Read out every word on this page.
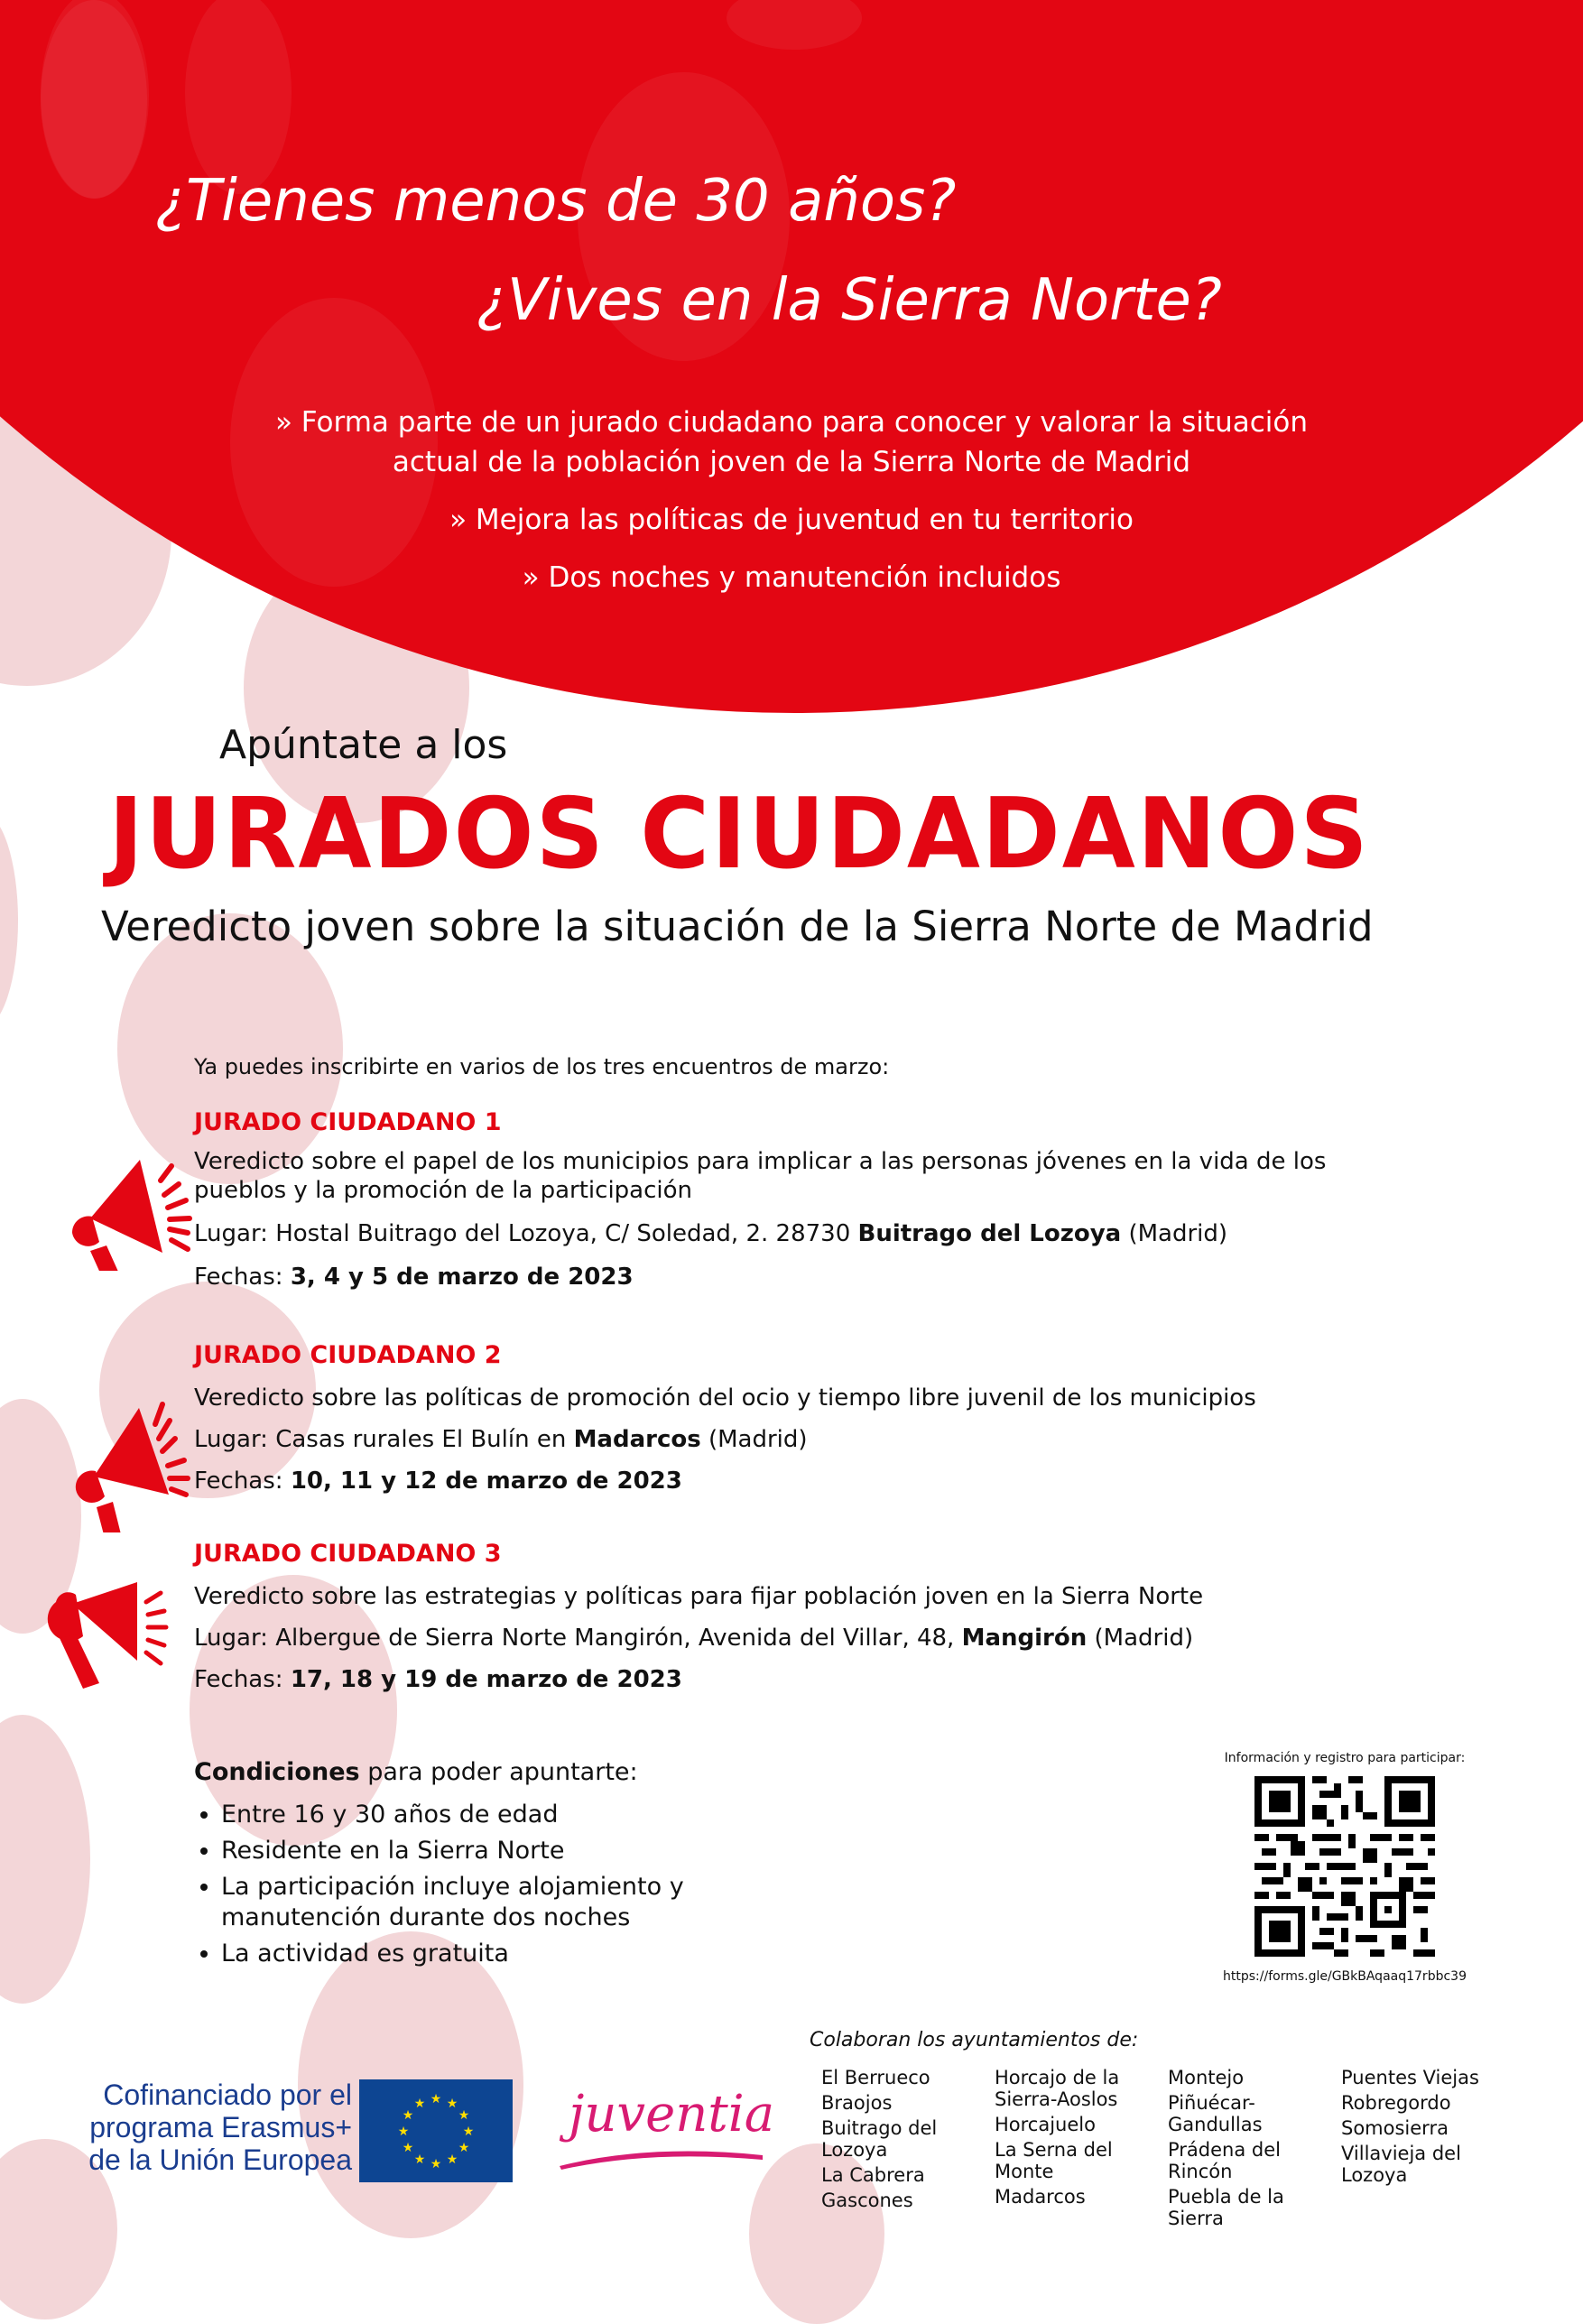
¿Tienes menos de 30 años?
¿Vives en la Sierra Norte?

» Forma parte de un jurado ciudadano para conocer y valorar la situación

actual de la población joven de la Sierra Norte de Madrid

» Mejora las políticas de juventud en tu territorio

» Dos noches y manutención incluidos

Apúntate a los
JURADOS CIUDADANOS
Veredicto joven sobre la situación de la Sierra Norte de Madrid
Ya puedes inscribirte en varios de los tres encuentros de marzo:
JURADO CIUDADANO 1
Veredicto sobre el papel de los municipios para implicar a las personas jóvenes en la vida de los pueblos y la promoción de la participación
Lugar: Hostal Buitrago del Lozoya, C/ Soledad, 2. 28730 Buitrago del Lozoya (Madrid)
Fechas: 3, 4 y 5 de marzo de 2023
JURADO CIUDADANO 2
Veredicto sobre las políticas de promoción del ocio y tiempo libre juvenil de los municipios
Lugar: Casas rurales El Bulín en Madarcos (Madrid)
Fechas: 10, 11 y 12 de marzo de 2023
JURADO CIUDADANO 3
Veredicto sobre las estrategias y políticas para fijar población joven en la Sierra Norte
Lugar: Albergue de Sierra Norte Mangirón, Avenida del Villar, 48, Mangirón (Madrid)
Fechas: 17, 18 y 19 de marzo de 2023
Condiciones para poder apuntarte:
• Entre 16 y 30 años de edad
• Residente en la Sierra Norte
• La participación incluye alojamiento y manutención durante dos noches
• La actividad es gratuita
Información y registro para participar:
https://forms.gle/GBkBAqaaq17rbbc39
Colaboran los ayuntamientos de:
El Berrueco
Braojos
Buitrago del Lozoya
La Cabrera
Gascones
Horcajo de la Sierra-Aoslos
Horcajuelo
La Serna del Monte
Madarcos
Montejo
Piñuécar-Gandullas
Prádena del Rincón
Puebla de la Sierra
Puentes Viejas
Robregordo
Somosierra
Villavieja del Lozoya
Cofinanciado por el programa Erasmus+ de la Unión Europea
★ ★
★
★
★
★
★
★
★
★
★
★	juventia
